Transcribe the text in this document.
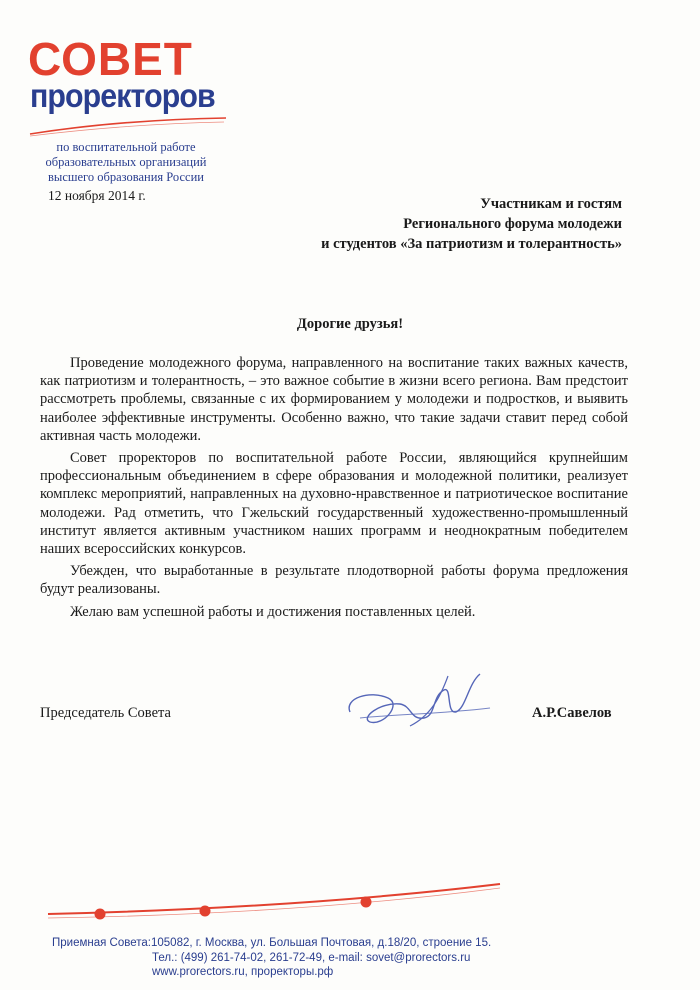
СОВЕТ
проректоров
по воспитательной работе
образовательных организаций
высшего образования России
12 ноября 2014 г.
Участникам и гостям
Регионального форума молодежи
и студентов «За патриотизм и толерантность»
Дорогие друзья!

Проведение молодежного форума, направленного на воспитание таких важных качеств, как патриотизм и толерантность, – это важное событие в жизни всего региона. Вам предстоит рассмотреть проблемы, связанные с их формированием у молодежи и подростков, и выявить наиболее эффективные инструменты. Особенно важно, что такие задачи ставит перед собой активная часть молодежи.

Совет проректоров по воспитательной работе России, являющийся крупнейшим профессиональным объединением в сфере образования и молодежной политики, реализует комплекс мероприятий, направленных на духовно-нравственное и патриотическое воспитание молодежи. Рад отметить, что Гжельский государственный художественно-промышленный институт является активным участником наших программ и неоднократным победителем наших всероссийских конкурсов.

Убежден, что выработанные в результате плодотворной работы форума предложения будут реализованы.

Желаю вам успешной работы и достижения поставленных целей.

Председатель Совета	А.Р.Савелов
Приемная Совета:105082, г. Москва, ул. Большая Почтовая, д.18/20, строение 15.
Тел.: (499) 261-74-02, 261-72-49, e-mail: sovet@prorectors.ru
www.prorectors.ru, проректоры.рф
